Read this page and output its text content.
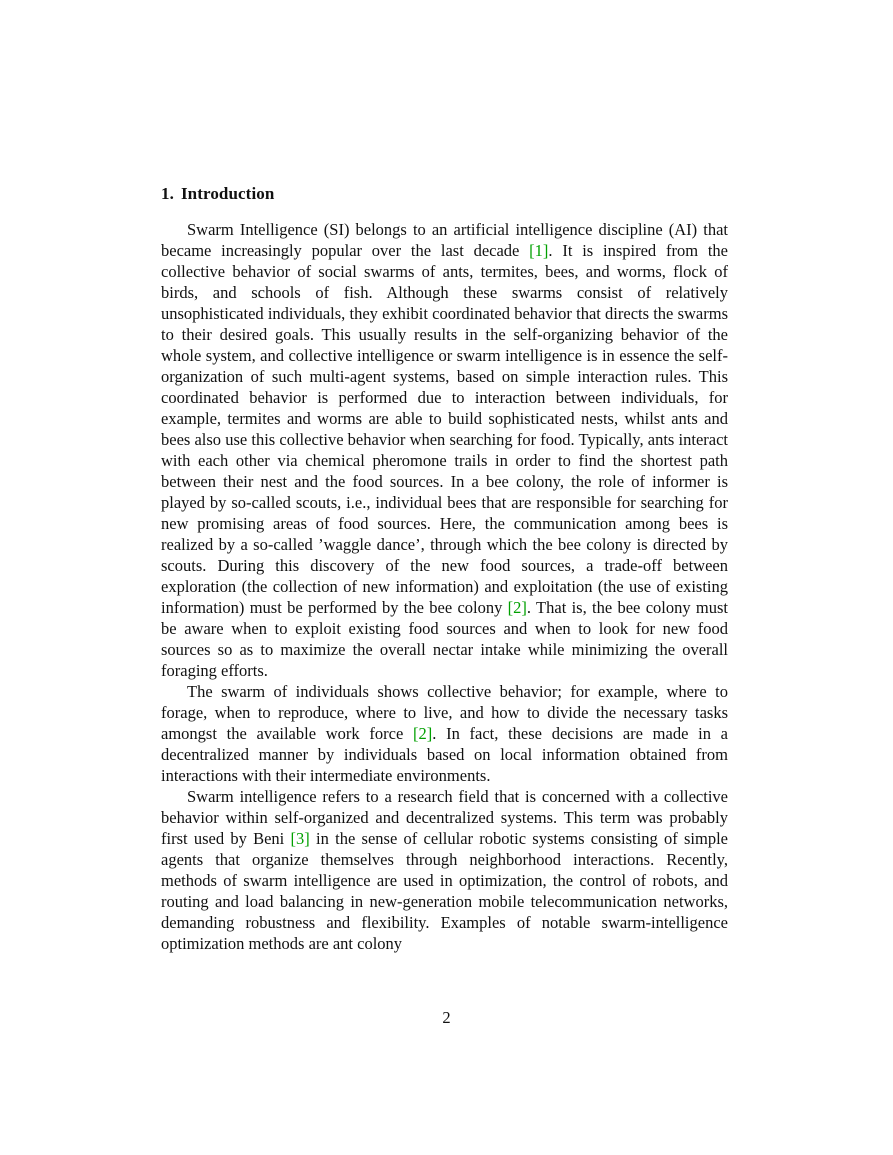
1. Introduction

Swarm Intelligence (SI) belongs to an artificial intelligence discipline (AI) that became increasingly popular over the last decade [1]. It is inspired from the collective behavior of social swarms of ants, termites, bees, and worms, flock of birds, and schools of fish. Although these swarms consist of relatively unsophisticated individuals, they exhibit coordinated behavior that directs the swarms to their desired goals. This usually results in the self-organizing behavior of the whole system, and collective intelligence or swarm intelligence is in essence the self-organization of such multi-agent systems, based on simple interaction rules. This coordinated behavior is performed due to interaction between individuals, for example, termites and worms are able to build sophisticated nests, whilst ants and bees also use this collective behavior when searching for food. Typically, ants interact with each other via chemical pheromone trails in order to find the shortest path between their nest and the food sources. In a bee colony, the role of informer is played by so-called scouts, i.e., individual bees that are responsible for searching for new promising areas of food sources. Here, the communication among bees is realized by a so-called ’waggle dance’, through which the bee colony is directed by scouts. During this discovery of the new food sources, a trade-off between exploration (the collection of new information) and exploitation (the use of existing information) must be performed by the bee colony [2]. That is, the bee colony must be aware when to exploit existing food sources and when to look for new food sources so as to maximize the overall nectar intake while minimizing the overall foraging efforts.

The swarm of individuals shows collective behavior; for example, where to forage, when to reproduce, where to live, and how to divide the necessary tasks amongst the available work force [2]. In fact, these decisions are made in a decentralized manner by individuals based on local information obtained from interactions with their intermediate environments.

Swarm intelligence refers to a research field that is concerned with a collective behavior within self-organized and decentralized systems. This term was probably first used by Beni [3] in the sense of cellular robotic systems consisting of simple agents that organize themselves through neighborhood interactions. Recently, methods of swarm intelligence are used in optimization, the control of robots, and routing and load balancing in new-generation mobile telecommunication networks, demanding robustness and flexibility. Examples of notable swarm-intelligence optimization methods are ant colony

2
